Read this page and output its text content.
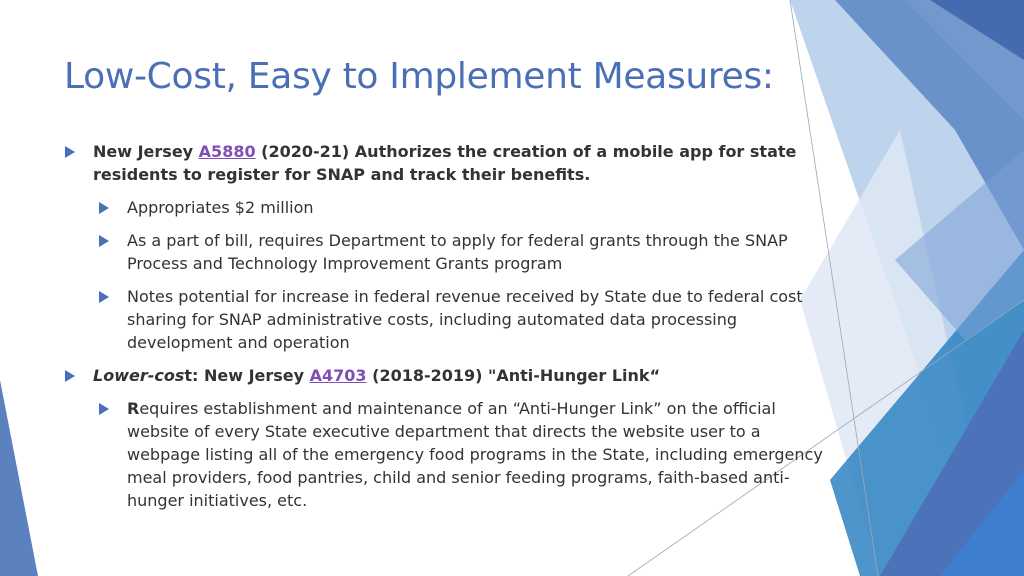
Low-Cost, Easy to Implement Measures:
New Jersey A5880 (2020-21) Authorizes the creation of a mobile app for state residents to register for SNAP and track their benefits.
Appropriates $2 million
As a part of bill, requires Department to apply for federal grants through the SNAP Process and Technology Improvement Grants program
Notes potential for increase in federal revenue received by State due to federal cost sharing for SNAP administrative costs, including automated data processing development and operation
Lower-cost: New Jersey A4703 (2018-2019) "Anti-Hunger Link“
Requires establishment and maintenance of an “Anti-Hunger Link” on the official website of every State executive department that directs the website user to a webpage listing all of the emergency food programs in the State, including emergency meal providers, food pantries, child and senior feeding programs, faith-based anti-hunger initiatives, etc.
